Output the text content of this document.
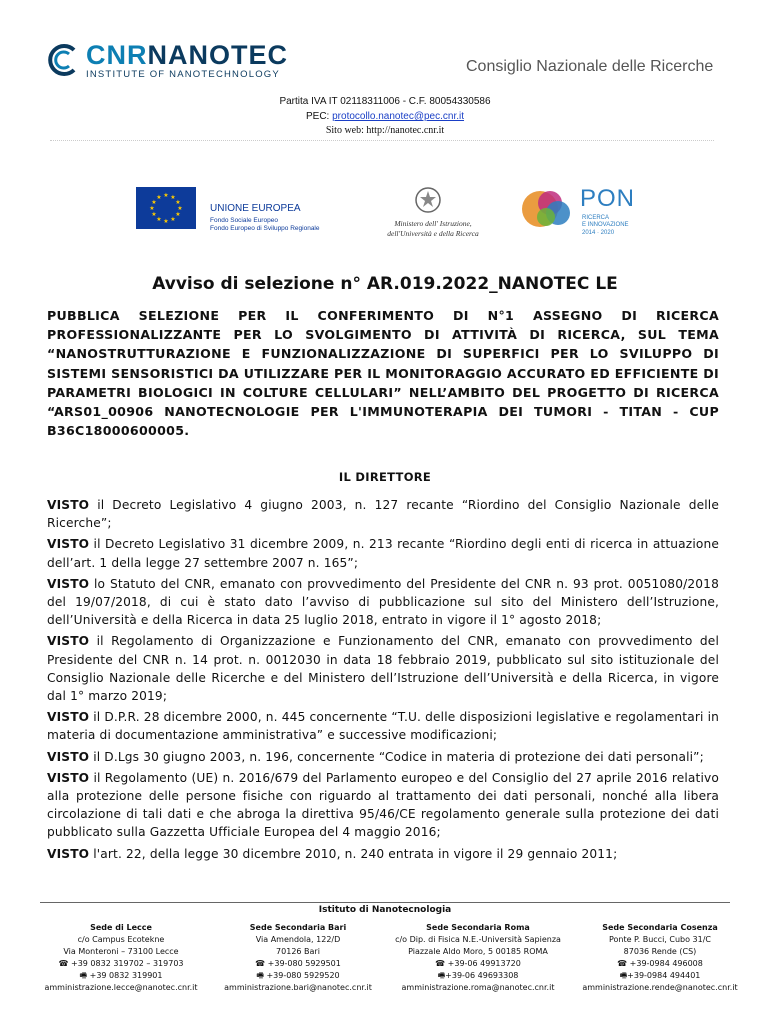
CNRNANOTEC
INSTITUTE OF NANOTECHNOLOGY	Consiglio Nazionale delle Ricerche
Partita IVA IT 02118311006 - C.F. 80054330586
PEC: protocollo.nanotec@pec.cnr.it
Sito web: http://nanotec.cnr.it
★ ★
★
★
★
★
★
★
★
★
★
★
UNIONE EUROPEA
Fondo Sociale Europeo
Fondo Europeo di Sviluppo Regionale
Ministero dell' Istruzione,
dell'Università e della Ricerca
PON
RICERCA
E INNOVAZIONE
2014 · 2020
Avviso di selezione n° AR.019.2022_NANOTEC LE
PUBBLICA SELEZIONE PER IL CONFERIMENTO DI N°1 ASSEGNO DI RICERCA PROFESSIONALIZZANTE PER LO SVOLGIMENTO DI ATTIVITÀ DI RICERCA, SUL TEMA “NANOSTRUTTURAZIONE E FUNZIONALIZZAZIONE DI SUPERFICI PER LO SVILUPPO DI SISTEMI SENSORISTICI DA UTILIZZARE PER IL MONITORAGGIO ACCURATO ED EFFICIENTE DI PARAMETRI BIOLOGICI IN COLTURE CELLULARI” NELL’AMBITO DEL PROGETTO DI RICERCA “ARS01_00906 NANOTECNOLOGIE PER L'IMMUNOTERAPIA DEI TUMORI - TITAN - CUP B36C18000600005.
IL DIRETTORE

VISTO il Decreto Legislativo 4 giugno 2003, n. 127 recante “Riordino del Consiglio Nazionale delle Ricerche”;

VISTO il Decreto Legislativo 31 dicembre 2009, n. 213 recante “Riordino degli enti di ricerca in attuazione dell’art. 1 della legge 27 settembre 2007 n. 165”;

VISTO lo Statuto del CNR, emanato con provvedimento del Presidente del CNR n. 93 prot. 0051080/2018 del 19/07/2018, di cui è stato dato l’avviso di pubblicazione sul sito del Ministero dell’Istruzione, dell’Università e della Ricerca in data 25 luglio 2018, entrato in vigore il 1° agosto 2018;

VISTO il Regolamento di Organizzazione e Funzionamento del CNR, emanato con provvedimento del Presidente del CNR n. 14 prot. n. 0012030 in data 18 febbraio 2019, pubblicato sul sito istituzionale del Consiglio Nazionale delle Ricerche e del Ministero dell’Istruzione dell’Università e della Ricerca, in vigore dal 1° marzo 2019;

VISTO il D.P.R. 28 dicembre 2000, n. 445 concernente “T.U. delle disposizioni legislative e regolamentari in materia di documentazione amministrativa” e successive modificazioni;

VISTO il D.Lgs 30 giugno 2003, n. 196, concernente “Codice in materia di protezione dei dati personali”;

VISTO il Regolamento (UE) n. 2016/679 del Parlamento europeo e del Consiglio del 27 aprile 2016 relativo alla protezione delle persone fisiche con riguardo al trattamento dei dati personali, nonché alla libera circolazione di tali dati e che abroga la direttiva 95/46/CE regolamento generale sulla protezione dei dati pubblicato sulla Gazzetta Ufficiale Europea del 4 maggio 2016;

VISTO l'art. 22, della legge 30 dicembre 2010, n. 240 entrata in vigore il 29 gennaio 2011;

Istituto di Nanotecnologia
Sede di Lecce
c/o Campus Ecotekne
Via Monteroni – 73100 Lecce
☎ +39 0832 319702 – 319703
🖷 +39 0832 319901
amministrazione.lecce@nanotec.cnr.it
Sede Secondaria Bari
Via Amendola, 122/D
70126 Bari
☎ +39-080 5929501
🖷 +39-080 5929520
amministrazione.bari@nanotec.cnr.it
Sede Secondaria Roma
c/o Dip. di Fisica N.E.-Università Sapienza
Piazzale Aldo Moro, 5 00185 ROMA
☎ +39-06 49913720
🖷+39-06 49693308
amministrazione.roma@nanotec.cnr.it
Sede Secondaria Cosenza
Ponte P. Bucci, Cubo 31/C
87036 Rende (CS)
☎ +39-0984 496008
🖷+39-0984 494401
amministrazione.rende@nanotec.cnr.it
